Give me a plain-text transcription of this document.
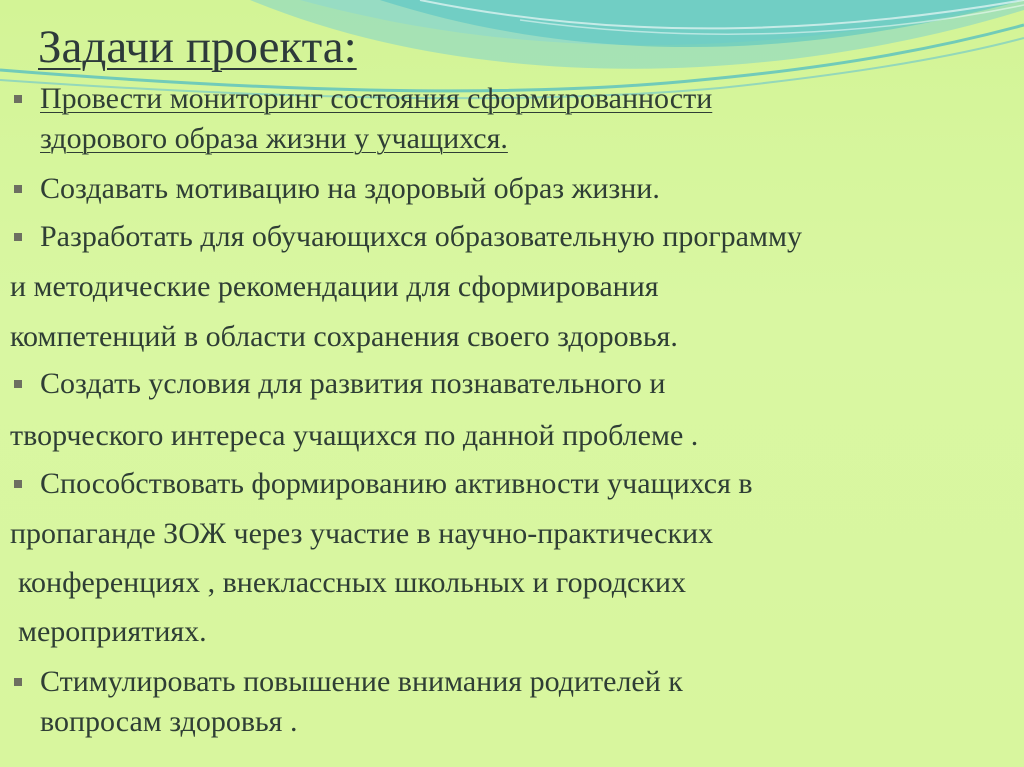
Задачи проекта:
Провести мониторинг состояния сформированности
здорового образа жизни у учащихся.
Создавать мотивацию на здоровый образ жизни.
Разработать для обучающихся образовательную программу
и методические рекомендации для сформирования
компетенций в области сохранения своего здоровья.
Создать условия для развития познавательного и
творческого интереса учащихся по данной проблеме .
Способствовать формированию активности учащихся в
пропаганде ЗОЖ через участие в научно-практических
конференциях , внеклассных школьных и городских
мероприятиях.
Стимулировать повышение внимания родителей к
вопросам здоровья .
